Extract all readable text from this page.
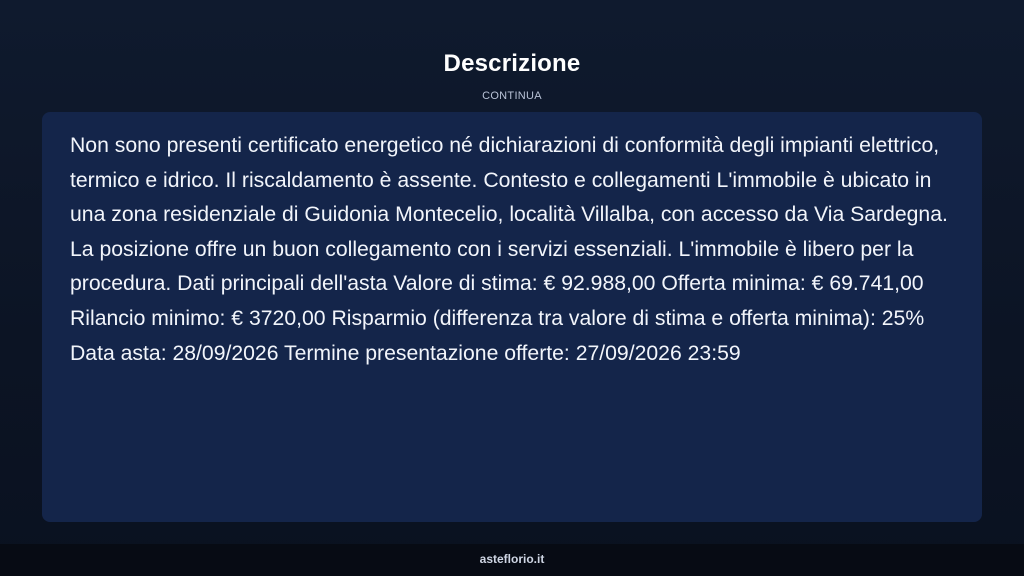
Descrizione
CONTINUA

Non sono presenti certificato energetico né dichiarazioni di conformità degli impianti elettrico, termico e idrico. Il riscaldamento è assente. Contesto e collegamenti L'immobile è ubicato in una zona residenziale di Guidonia Montecelio, località Villalba, con accesso da Via Sardegna. La posizione offre un buon collegamento con i servizi essenziali. L'immobile è libero per la procedura. Dati principali dell'asta Valore di stima: € 92.988,00 Offerta minima: € 69.741,00 Rilancio minimo: € 3720,00 Risparmio (differenza tra valore di stima e offerta minima): 25% Data asta: 28/09/2026 Termine presentazione offerte: 27/09/2026 23:59

asteflorio.it
